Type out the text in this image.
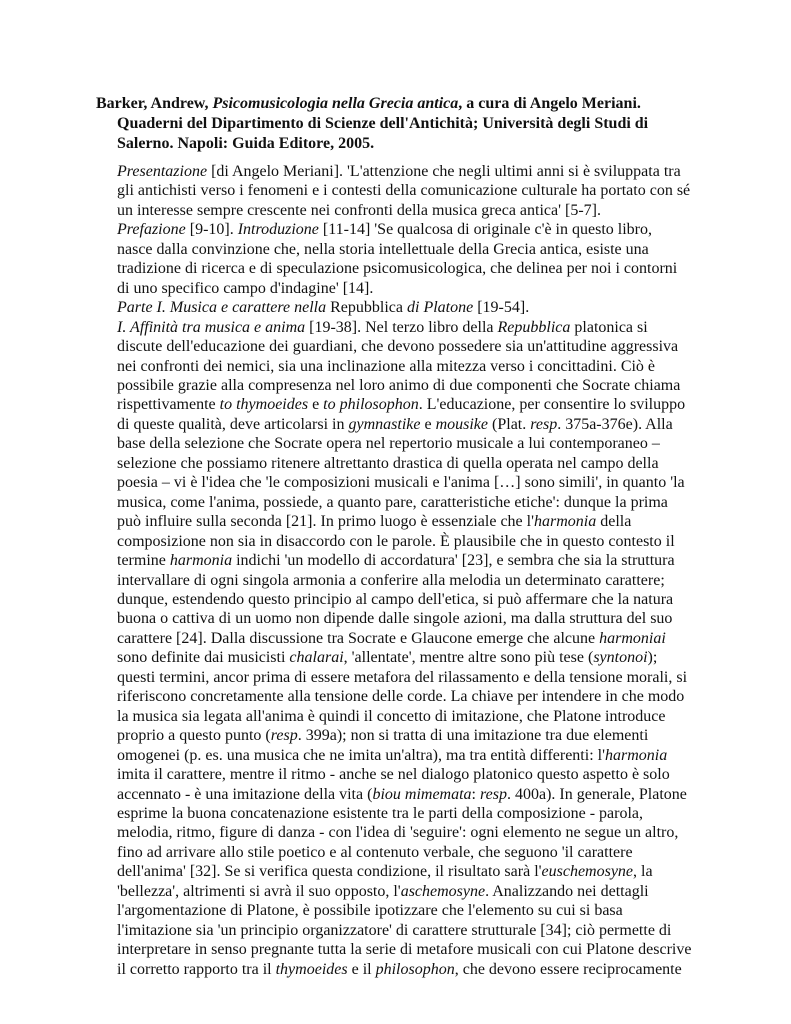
Barker, Andrew, Psicomusicologia nella Grecia antica, a cura di Angelo Meriani.
Quaderni del Dipartimento di Scienze dell'Antichità; Università degli Studi di
Salerno. Napoli: Guida Editore, 2005.
Presentazione [di Angelo Meriani]. 'L'attenzione che negli ultimi anni si è sviluppata tra
gli antichisti verso i fenomeni e i contesti della comunicazione culturale ha portato con sé
un interesse sempre crescente nei confronti della musica greca antica' [5-7].
Prefazione [9-10]. Introduzione [11-14] 'Se qualcosa di originale c'è in questo libro,
nasce dalla convinzione che, nella storia intellettuale della Grecia antica, esiste una
tradizione di ricerca e di speculazione psicomusicologica, che delinea per noi i contorni
di uno specifico campo d'indagine' [14].
Parte I. Musica e carattere nella Repubblica di Platone [19-54].
I. Affinità tra musica e anima [19-38]. Nel terzo libro della Repubblica platonica si
discute dell'educazione dei guardiani, che devono possedere sia un'attitudine aggressiva
nei confronti dei nemici, sia una inclinazione alla mitezza verso i concittadini. Ciò è
possibile grazie alla compresenza nel loro animo di due componenti che Socrate chiama
rispettivamente to thymoeides e to philosophon. L'educazione, per consentire lo sviluppo
di queste qualità, deve articolarsi in gymnastike e mousike (Plat. resp. 375a-376e). Alla
base della selezione che Socrate opera nel repertorio musicale a lui contemporaneo –
selezione che possiamo ritenere altrettanto drastica di quella operata nel campo della
poesia – vi è l'idea che 'le composizioni musicali e l'anima […] sono simili', in quanto 'la
musica, come l'anima, possiede, a quanto pare, caratteristiche etiche': dunque la prima
può influire sulla seconda [21]. In primo luogo è essenziale che l'harmonia della
composizione non sia in disaccordo con le parole. È plausibile che in questo contesto il
termine harmonia indichi 'un modello di accordatura' [23], e sembra che sia la struttura
intervallare di ogni singola armonia a conferire alla melodia un determinato carattere;
dunque, estendendo questo principio al campo dell'etica, si può affermare che la natura
buona o cattiva di un uomo non dipende dalle singole azioni, ma dalla struttura del suo
carattere [24]. Dalla discussione tra Socrate e Glaucone emerge che alcune harmoniai
sono definite dai musicisti chalarai, 'allentate', mentre altre sono più tese (syntonoi);
questi termini, ancor prima di essere metafora del rilassamento e della tensione morali, si
riferiscono concretamente alla tensione delle corde. La chiave per intendere in che modo
la musica sia legata all'anima è quindi il concetto di imitazione, che Platone introduce
proprio a questo punto (resp. 399a); non si tratta di una imitazione tra due elementi
omogenei (p. es. una musica che ne imita un'altra), ma tra entità differenti: l'harmonia
imita il carattere, mentre il ritmo - anche se nel dialogo platonico questo aspetto è solo
accennato - è una imitazione della vita (biou mimemata: resp. 400a). In generale, Platone
esprime la buona concatenazione esistente tra le parti della composizione - parola,
melodia, ritmo, figure di danza - con l'idea di 'seguire': ogni elemento ne segue un altro,
fino ad arrivare allo stile poetico e al contenuto verbale, che seguono 'il carattere
dell'anima' [32]. Se si verifica questa condizione, il risultato sarà l'euschemosyne, la
'bellezza', altrimenti si avrà il suo opposto, l'aschemosyne. Analizzando nei dettagli
l'argomentazione di Platone, è possibile ipotizzare che l'elemento su cui si basa
l'imitazione sia 'un principio organizzatore' di carattere strutturale [34]; ciò permette di
interpretare in senso pregnante tutta la serie di metafore musicali con cui Platone descrive
il corretto rapporto tra il thymoeides e il philosophon, che devono essere reciprocamente
